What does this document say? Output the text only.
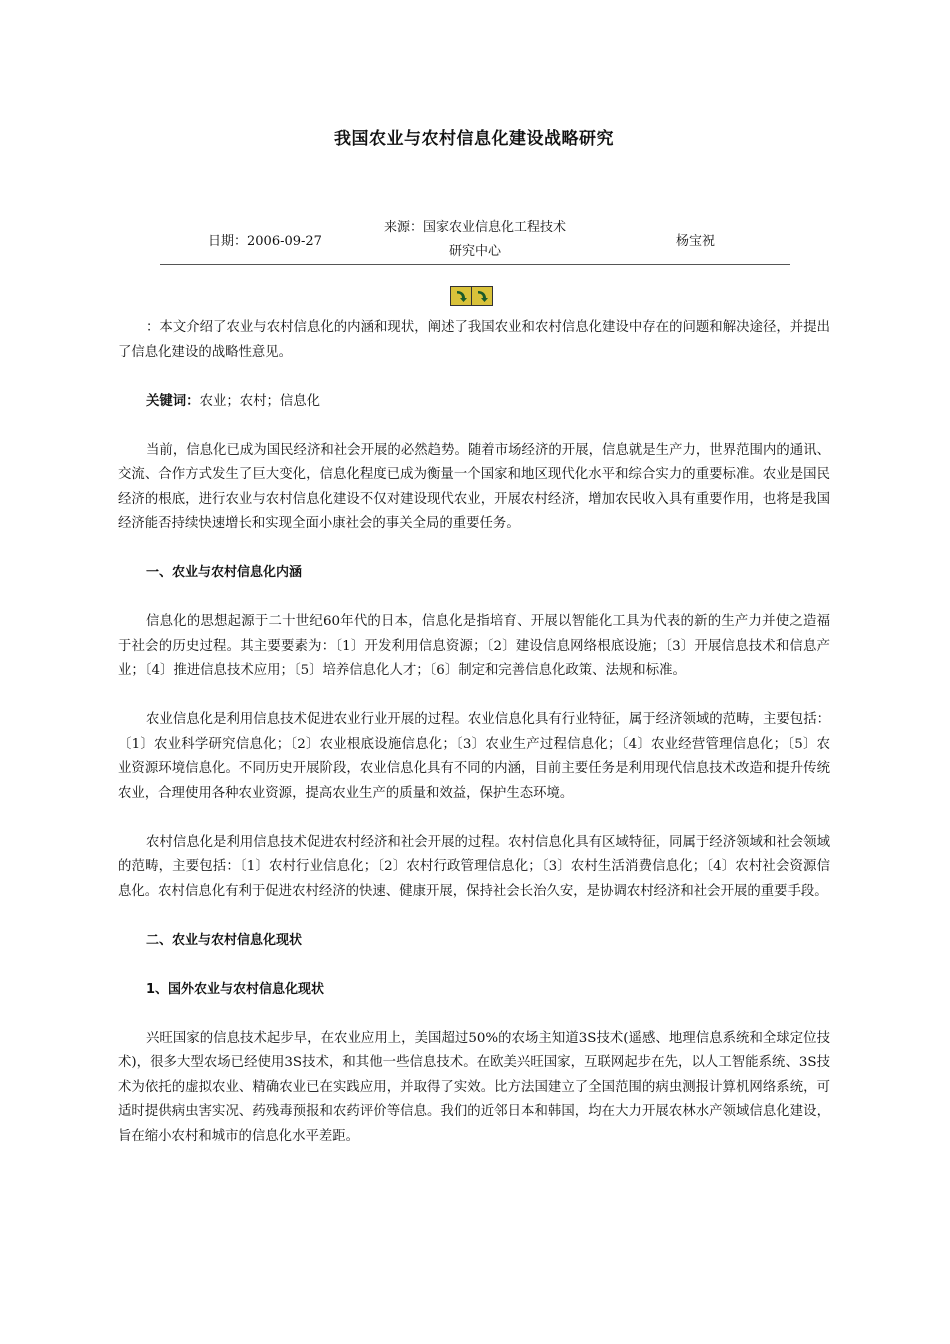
我国农业与农村信息化建设战略研究
日期：2006-09-27
来源：国家农业信息化工程技术
研究中心
杨宝祝

：本文介绍了农业与农村信息化的内涵和现状，阐述了我国农业和农村信息化建设中存在的问题和解决途径，并提出了信息化建设的战略性意见。

关键词：农业；农村；信息化

当前，信息化已成为国民经济和社会开展的必然趋势。随着市场经济的开展，信息就是生产力，世界范围内的通讯、交流、合作方式发生了巨大变化，信息化程度已成为衡量一个国家和地区现代化水平和综合实力的重要标准。农业是国民经济的根底，进行农业与农村信息化建设不仅对建设现代农业，开展农村经济，增加农民收入具有重要作用，也将是我国经济能否持续快速增长和实现全面小康社会的事关全局的重要任务。

一、农业与农村信息化内涵

信息化的思想起源于二十世纪60年代的日本，信息化是指培育、开展以智能化工具为代表的新的生产力并使之造福于社会的历史过程。其主要要素为：〔1〕开发利用信息资源；〔2〕建设信息网络根底设施；〔3〕开展信息技术和信息产业；〔4〕推进信息技术应用；〔5〕培养信息化人才；〔6〕制定和完善信息化政策、法规和标准。

农业信息化是利用信息技术促进农业行业开展的过程。农业信息化具有行业特征，属于经济领域的范畴，主要包括：〔1〕农业科学研究信息化；〔2〕农业根底设施信息化；〔3〕农业生产过程信息化；〔4〕农业经营管理信息化；〔5〕农业资源环境信息化。不同历史开展阶段，农业信息化具有不同的内涵，目前主要任务是利用现代信息技术改造和提升传统农业，合理使用各种农业资源，提高农业生产的质量和效益，保护生态环境。

农村信息化是利用信息技术促进农村经济和社会开展的过程。农村信息化具有区域特征，同属于经济领域和社会领域的范畴，主要包括：〔1〕农村行业信息化；〔2〕农村行政管理信息化；〔3〕农村生活消费信息化；〔4〕农村社会资源信息化。农村信息化有利于促进农村经济的快速、健康开展，保持社会长治久安，是协调农村经济和社会开展的重要手段。

二、农业与农村信息化现状

1、国外农业与农村信息化现状

兴旺国家的信息技术起步早，在农业应用上，美国超过50%的农场主知道3S技术(遥感、地理信息系统和全球定位技术)，很多大型农场已经使用3S技术，和其他一些信息技术。在欧美兴旺国家，互联网起步在先，以人工智能系统、3S技术为依托的虚拟农业、精确农业已在实践应用，并取得了实效。比方法国建立了全国范围的病虫测报计算机网络系统，可适时提供病虫害实况、药残毒预报和农药评价等信息。我们的近邻日本和韩国，均在大力开展农林水产领域信息化建设，旨在缩小农村和城市的信息化水平差距。
